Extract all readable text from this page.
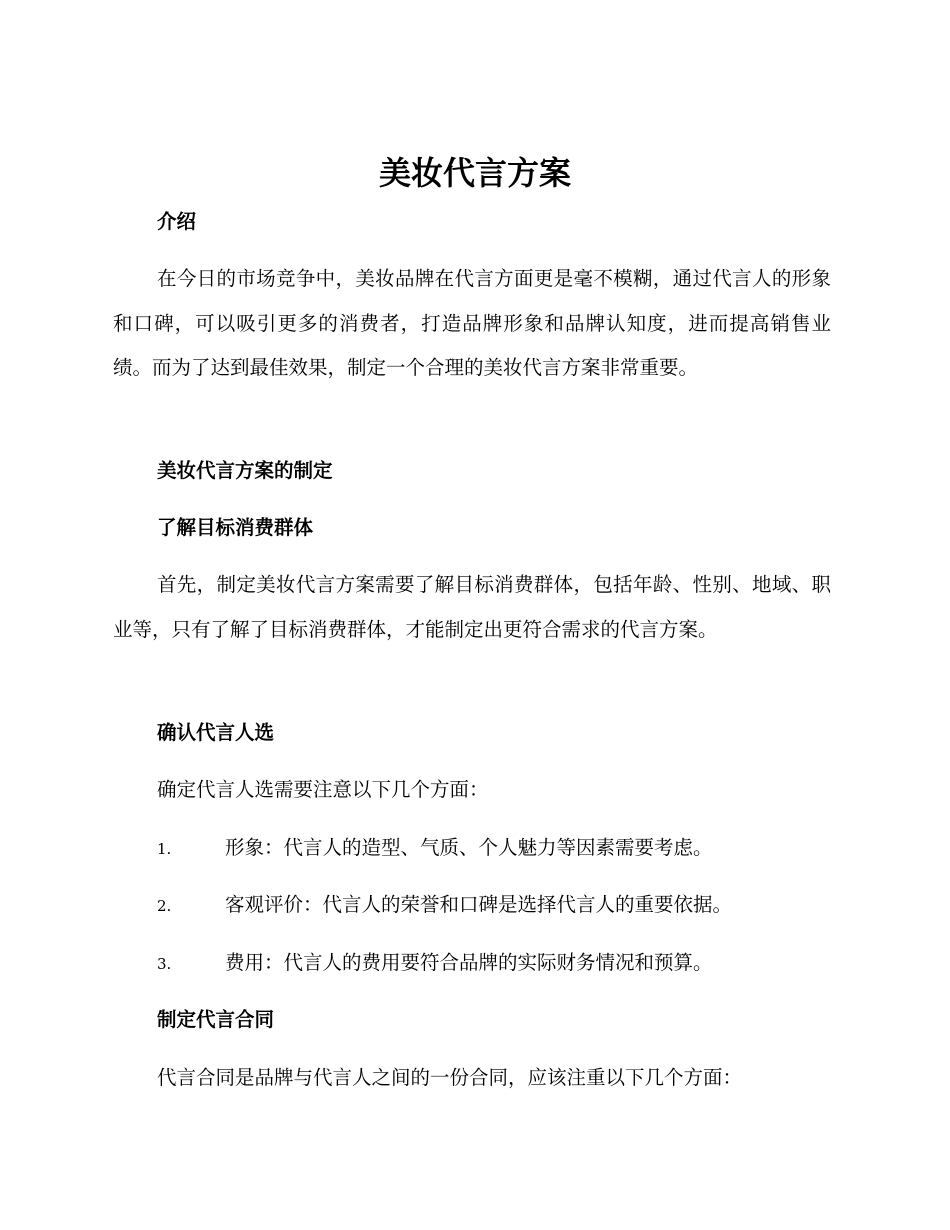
美妆代言方案
介绍
在今日的市场竞争中，美妆品牌在代言方面更是毫不模糊，通过代言人的形象和口碑，可以吸引更多的消费者，打造品牌形象和品牌认知度，进而提高销售业绩。而为了达到最佳效果，制定一个合理的美妆代言方案非常重要。
美妆代言方案的制定
了解目标消费群体
首先，制定美妆代言方案需要了解目标消费群体，包括年龄、性别、地域、职业等，只有了解了目标消费群体，才能制定出更符合需求的代言方案。
确认代言人选
确定代言人选需要注意以下几个方面：
1.	形象：代言人的造型、气质、个人魅力等因素需要考虑。
2.	客观评价：代言人的荣誉和口碑是选择代言人的重要依据。
3.	费用：代言人的费用要符合品牌的实际财务情况和预算。
制定代言合同
代言合同是品牌与代言人之间的一份合同，应该注重以下几个方面：
